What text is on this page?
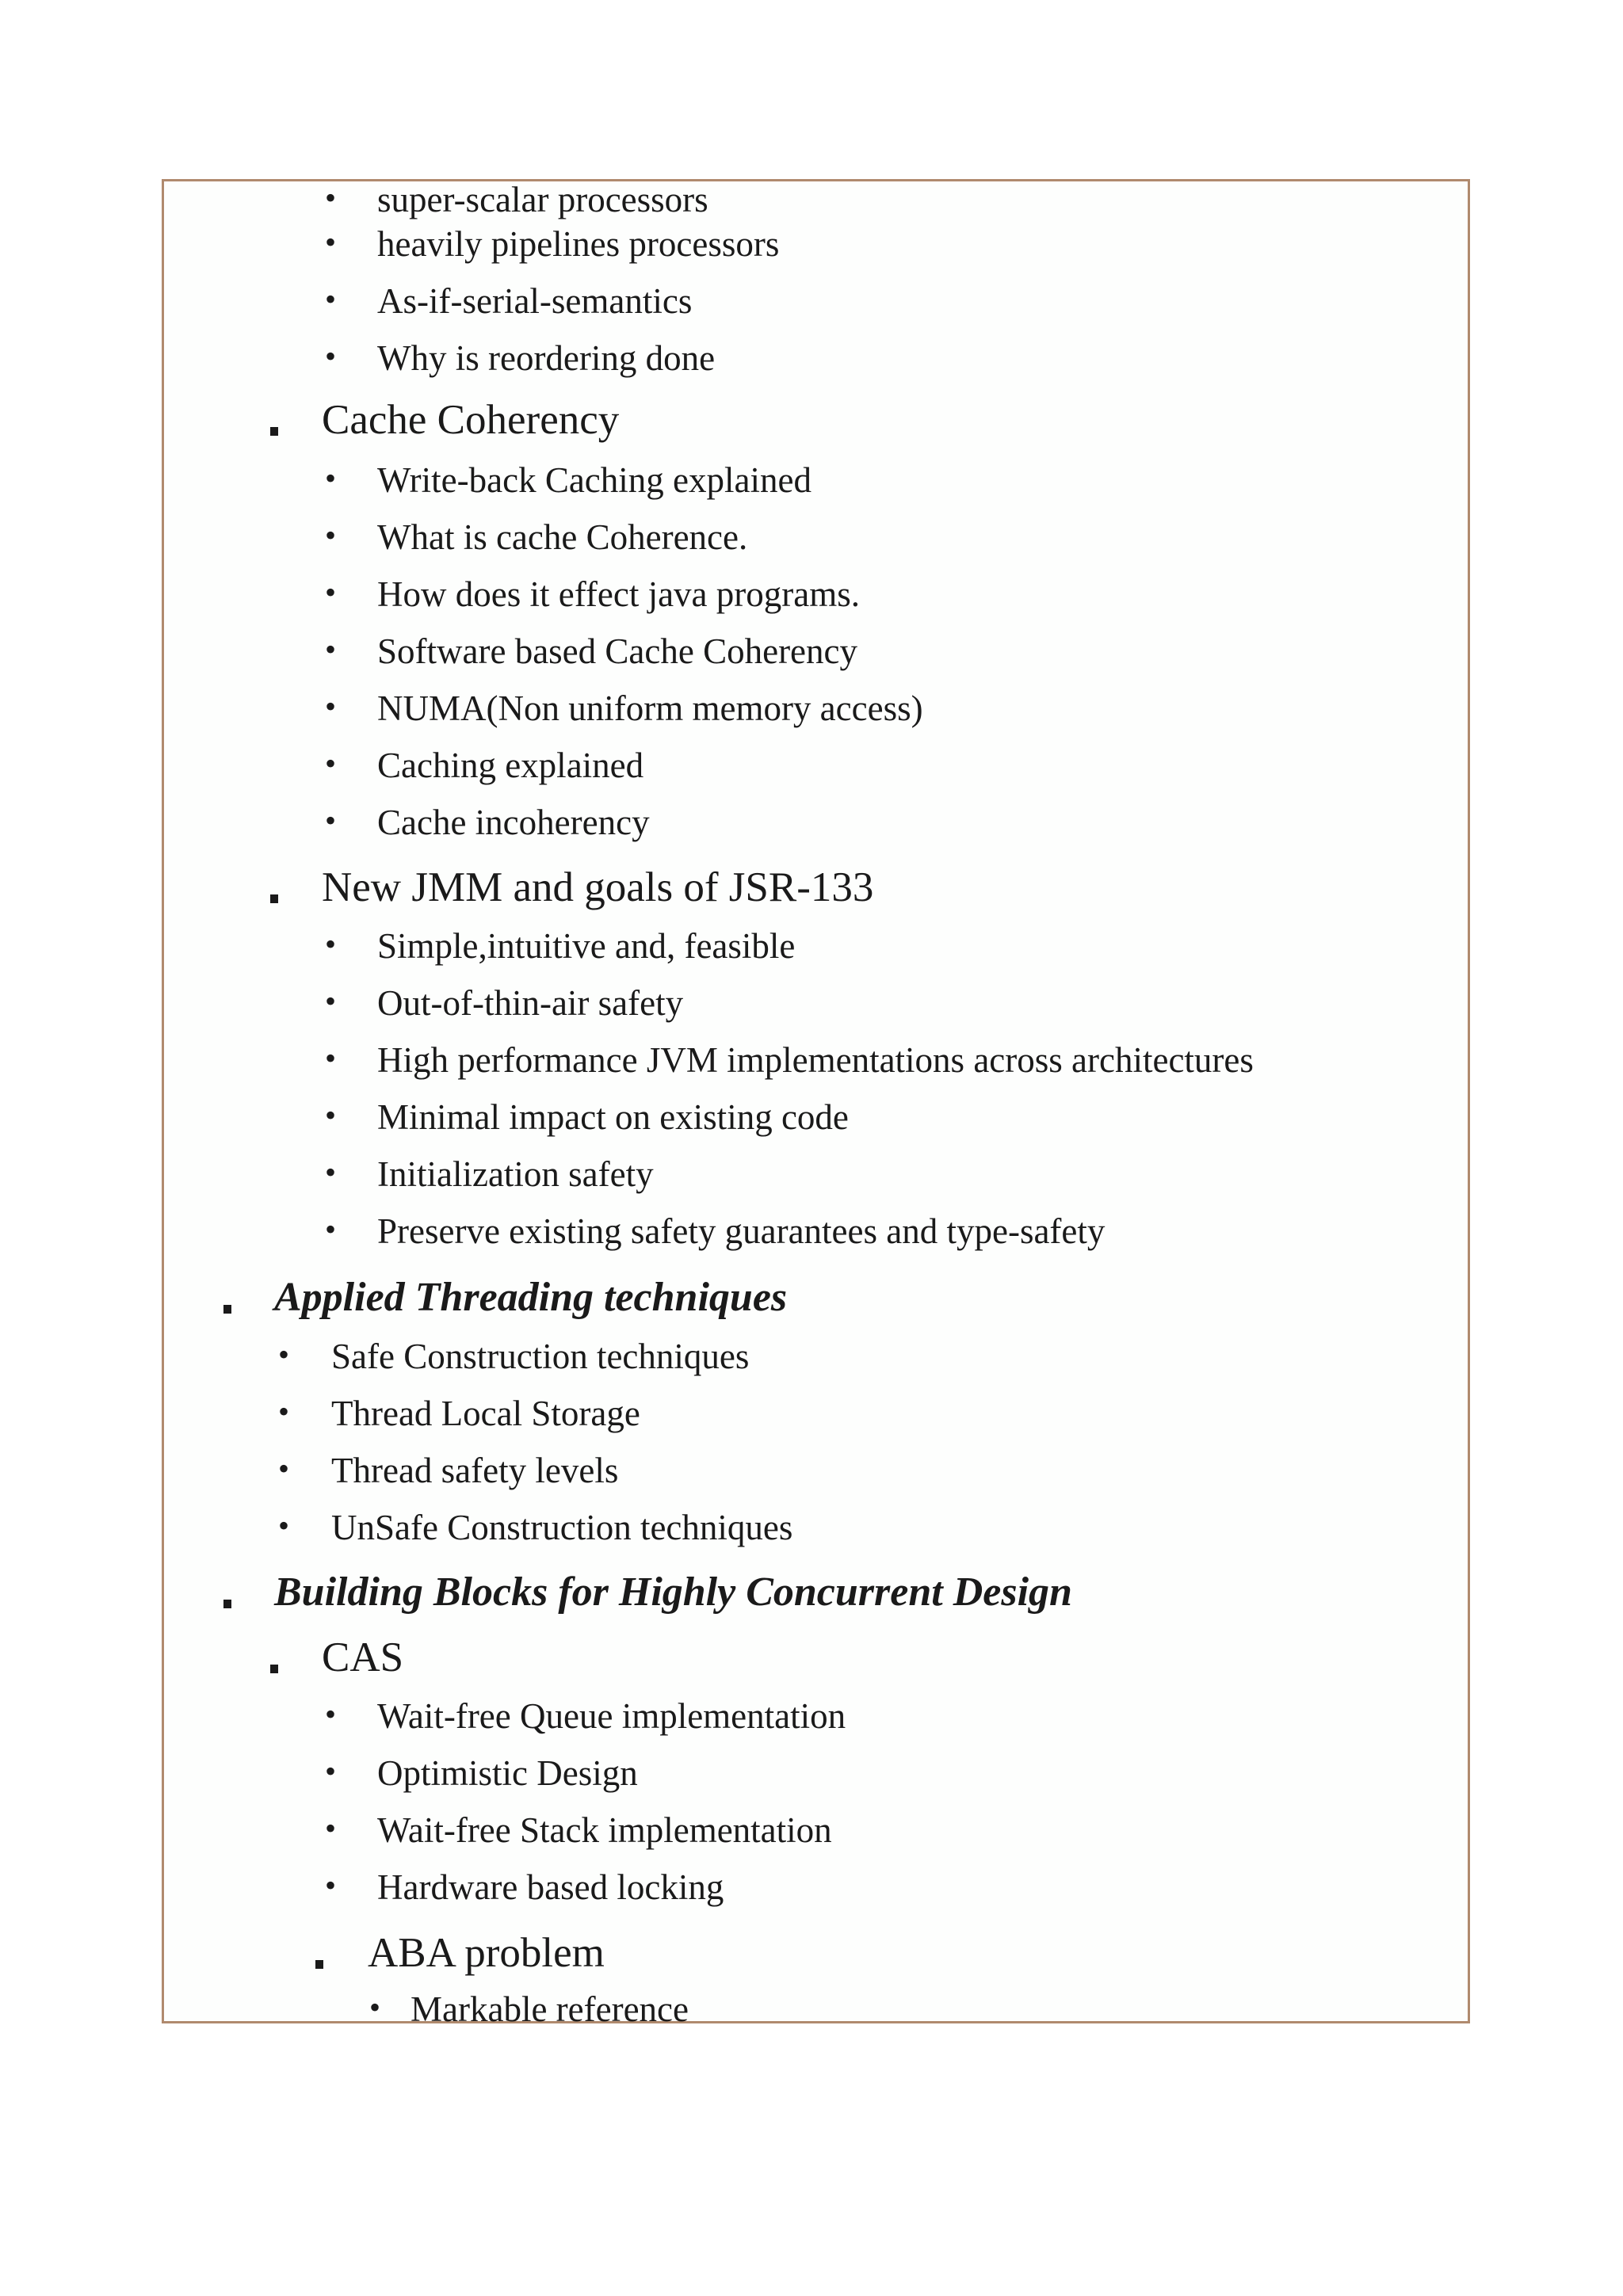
• super-scalar processors
• heavily pipelines processors
• As-if-serial-semantics
• Why is reordering done
Cache Coherency
• Write-back Caching explained
• What is cache Coherence.
• How does it effect java programs.
• Software based Cache Coherency
• NUMA(Non uniform memory access)
• Caching explained
• Cache incoherency
New JMM and goals of JSR-133
• Simple,intuitive and, feasible
• Out-of-thin-air safety
• High performance JVM implementations across architectures
• Minimal impact on existing code
• Initialization safety
• Preserve existing safety guarantees and type-safety
Applied Threading techniques
• Safe Construction techniques
• Thread Local Storage
• Thread safety levels
• UnSafe Construction techniques
Building Blocks for Highly Concurrent Design
CAS
• Wait-free Queue implementation
• Optimistic Design
• Wait-free Stack implementation
• Hardware based locking
ABA problem
• Markable reference
